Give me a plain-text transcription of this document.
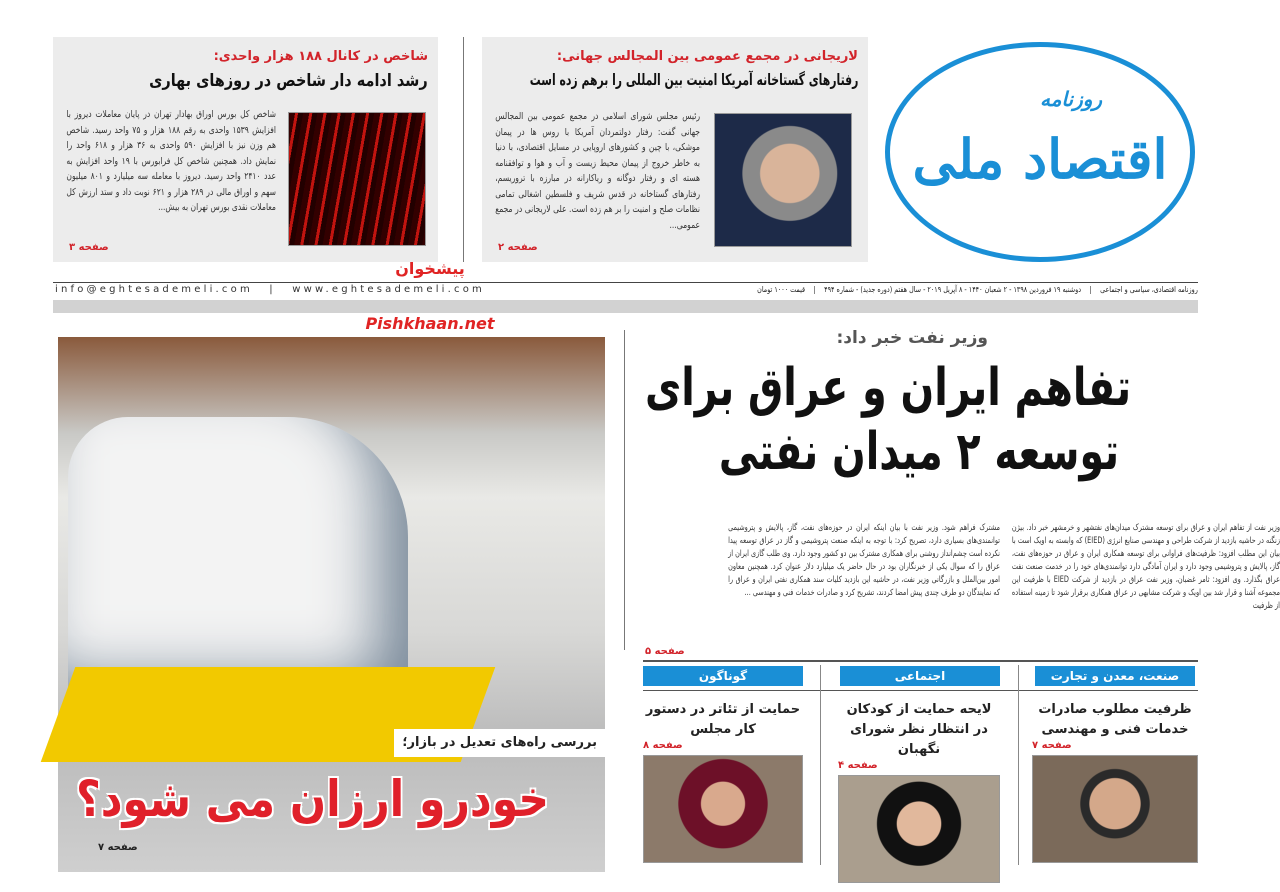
روزنامه
اقتصاد ملی
لاریجانی در مجمع عمومی بین المجالس جهانی:
رفتارهای گستاخانه آمریکا امنیت بین المللی را برهم زده است
رئیس مجلس شورای اسلامی در مجمع عمومی بین المجالس جهانی گفت: رفتار دولتمردان آمریکا با روس ها در پیمان موشکی، با چین و کشورهای اروپایی در مسایل اقتصادی، با دنیا به خاطر خروج از پیمان محیط زیست و آب و هوا و توافقنامه هسته ای و رفتار دوگانه و ریاکارانه در مبارزه با تروریسم، رفتارهای گستاخانه در قدس شریف و فلسطین اشغالی تمامی نظامات صلح و امنیت را بر هم زده است. علی لاریجانی در مجمع عمومی...
صفحه ۲
شاخص در کانال ۱۸۸ هزار واحدی:
رشد ادامه دار شاخص در روزهای بهاری
شاخص کل بورس اوراق بهادار تهران در پایان معاملات دیروز با افزایش ۱۵۳۹ واحدی به رقم ۱۸۸ هزار و ۷۵ واحد رسید. شاخص هم وزن نیز با افزایش ۵۹۰ واحدی به ۳۶ هزار و ۶۱۸ واحد را نمایش داد. همچنین شاخص کل فرابورس با ۱۹ واحد افزایش به عدد ۲۴۱۰ واحد رسید. دیروز با معامله سه میلیارد و ۸۰۱ میلیون سهم و اوراق مالی در ۲۸۹ هزار و ۶۲۱ نوبت داد و ستد ارزش کل معاملات نقدی بورس تهران به بیش...
صفحه ۳
روزنامه اقتصادی، سیاسی و اجتماعی | دوشنبه ۱۹ فروردین ۱۳۹۸ - ۲ شعبان ۱۴۴۰ - ۸ آپریل ۲۰۱۹ - سال هفتم (دوره جدید) - شماره ۴۹۴ | قیمت ۱۰۰۰ تومان
info@eghtesademeli.com | www.eghtesademeli.com
پیشخوان
Pishkhaan.net
وزیر نفت خبر داد:
تفاهم ایران و عراق برای
توسعه ۲ میدان نفتی
وزیر نفت از تفاهم ایران و عراق برای توسعه مشترک میدان‌های نفتشهر و خرمشهر خبر داد. بیژن زنگنه در حاشیه بازدید از شرکت طراحی و مهندسی صنایع انرژی (EIED) که وابسته به اویک است با بیان این مطلب افزود: ظرفیت‌های فراوانی برای توسعه همکاری ایران و عراق در حوزه‌های نفت، گاز، پالایش و پتروشیمی وجود دارد و ایران آمادگی دارد توانمندی‌های خود را در خدمت صنعت نفت عراق بگذارد. وی افزود: ثامر غضبان، وزیر نفت عراق در بازدید از شرکت EIED با ظرفیت این مجموعه آشنا و قرار شد بین اویک و شرکت مشابهی در عراق همکاری برقرار شود تا زمینه استفاده از ظرفیت
مشترک فراهم شود. وزیر نفت با بیان اینکه ایران در حوزه‌های نفت، گاز، پالایش و پتروشیمی توانمندی‌های بسیاری دارد، تصریح کرد: با توجه به اینکه صنعت پتروشیمی و گاز در عراق توسعه پیدا نکرده است چشم‌انداز روشنی برای همکاری مشترک بین دو کشور وجود دارد. وی طلب گازی ایران از عراق را که سوال یکی از خبرنگاران بود در حال حاضر یک میلیارد دلار عنوان کرد. همچنین معاون امور بین‌الملل و بازرگانی وزیر نفت، در حاشیه این بازدید کلیات سند همکاری نفتی ایران و عراق را که نمایندگان دو طرف چندی پیش امضا کردند، تشریح کرد و صادرات خدمات فنی و مهندسی ...
صفحه ۵
صنعت، معدن و تجارت
اجتماعی
گوناگون
ظرفیت مطلوب صادرات خدمات فنی و مهندسی
صفحه ۷
لایحه حمایت از کودکان در انتظار نظر شورای نگهبان
صفحه ۴
حمایت از تئاتر در دستور کار مجلس
صفحه ۸
بررسی راه‌های تعدیل در بازار؛
خودرو ارزان می شود؟
صفحه ۷
